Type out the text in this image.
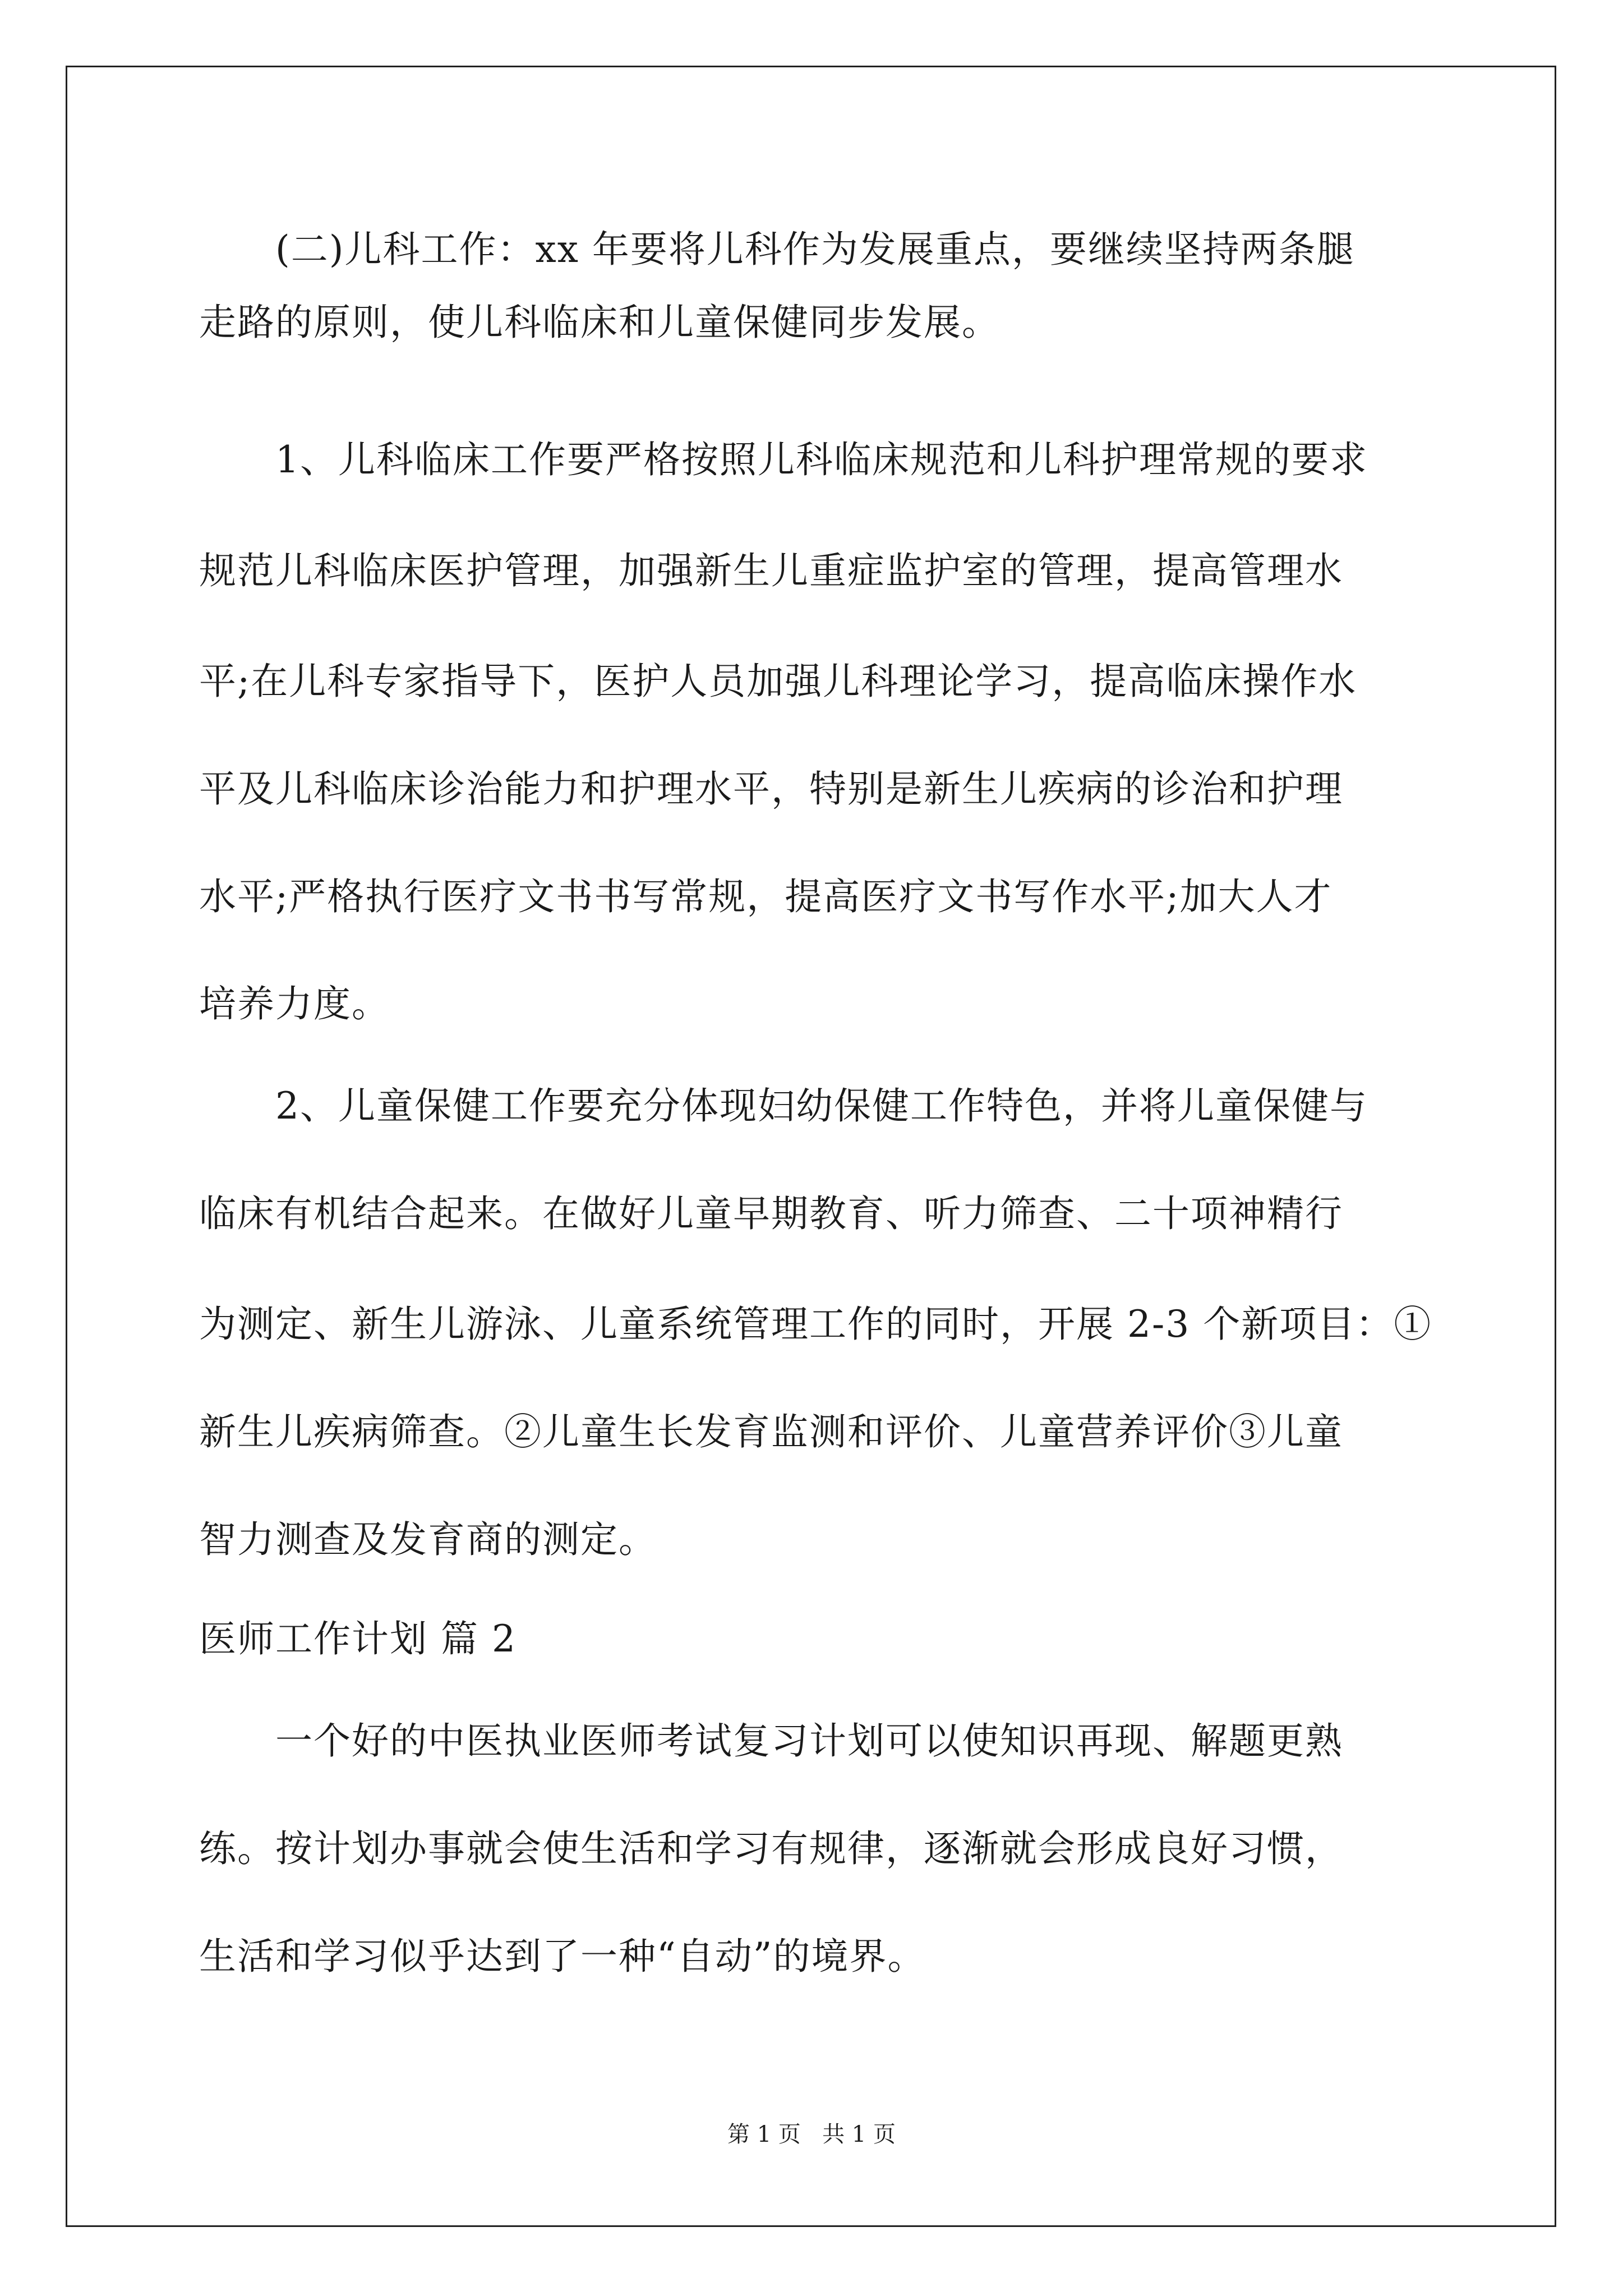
　　(二)儿科工作：xx 年要将儿科作为发展重点，要继续坚持两条腿
走路的原则，使儿科临床和儿童保健同步发展。
　　1、儿科临床工作要严格按照儿科临床规范和儿科护理常规的要求
规范儿科临床医护管理，加强新生儿重症监护室的管理，提高管理水
平;在儿科专家指导下，医护人员加强儿科理论学习，提高临床操作水
平及儿科临床诊治能力和护理水平，特别是新生儿疾病的诊治和护理
水平;严格执行医疗文书书写常规，提高医疗文书写作水平;加大人才
培养力度。
　　2、儿童保健工作要充分体现妇幼保健工作特色，并将儿童保健与
临床有机结合起来。在做好儿童早期教育、听力筛查、二十项神精行
为测定、新生儿游泳、儿童系统管理工作的同时，开展 2-3 个新项目：①
新生儿疾病筛查。②儿童生长发育监测和评价、儿童营养评价③儿童
智力测查及发育商的测定。
医师工作计划 篇 2
　　一个好的中医执业医师考试复习计划可以使知识再现、解题更熟
练。按计划办事就会使生活和学习有规律，逐渐就会形成良好习惯，
生活和学习似乎达到了一种“自动”的境界。
第 1 页   共 1 页
